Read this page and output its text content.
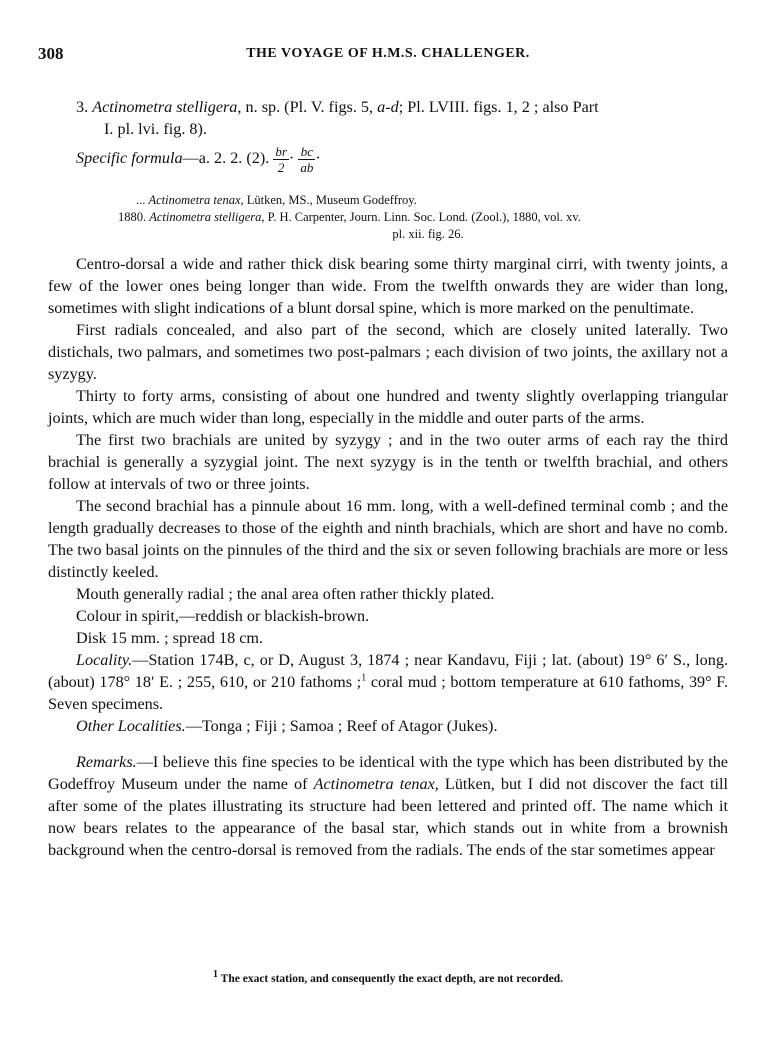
308	THE VOYAGE OF H.M.S. CHALLENGER.

3. Actinometra stelligera, n. sp. (Pl. V. figs. 5, a-d; Pl. LVIII. figs. 1, 2 ; also Part

I. pl. lvi. fig. 8).

Specific formula—a. 2. 2. (2). $\frac{br}{2} \cdot \frac{bc}{ab}$ ·
... Actinometra tenax, Lütken, MS., Museum Godeffroy.
1880. Actinometra stelligera, P. H. Carpenter, Journ. Linn. Soc. Lond. (Zool.), 1880, vol. xv.
pl. xii. fig. 26.

Centro-dorsal a wide and rather thick disk bearing some thirty marginal cirri, with twenty joints, a few of the lower ones being longer than wide. From the twelfth onwards they are wider than long, sometimes with slight indications of a blunt dorsal spine, which is more marked on the penultimate.

First radials concealed, and also part of the second, which are closely united laterally. Two distichals, two palmars, and sometimes two post-palmars ; each division of two joints, the axillary not a syzygy.

Thirty to forty arms, consisting of about one hundred and twenty slightly overlapping triangular joints, which are much wider than long, especially in the middle and outer parts of the arms.

The first two brachials are united by syzygy ; and in the two outer arms of each ray the third brachial is generally a syzygial joint. The next syzygy is in the tenth or twelfth brachial, and others follow at intervals of two or three joints.

The second brachial has a pinnule about 16 mm. long, with a well-defined terminal comb ; and the length gradually decreases to those of the eighth and ninth brachials, which are short and have no comb. The two basal joints on the pinnules of the third and the six or seven following brachials are more or less distinctly keeled.

Mouth generally radial ; the anal area often rather thickly plated.

Colour in spirit,—reddish or blackish-brown.

Disk 15 mm. ; spread 18 cm.

Locality.—Station 174B, c, or D, August 3, 1874 ; near Kandavu, Fiji ; lat. (about) 19° 6′ S., long. (about) 178° 18′ E. ; 255, 610, or 210 fathoms ;$^1$ coral mud ; bottom temperature at 610 fathoms, 39° F. Seven specimens.

Other Localities.—Tonga ; Fiji ; Samoa ; Reef of Atagor (Jukes).

Remarks.—I believe this fine species to be identical with the type which has been distributed by the Godeffroy Museum under the name of Actinometra tenax, Lütken, but I did not discover the fact till after some of the plates illustrating its structure had been lettered and printed off. The name which it now bears relates to the appearance of the basal star, which stands out in white from a brownish background when the centro-dorsal is removed from the radials. The ends of the star sometimes appear

$^1$ The exact station, and consequently the exact depth, are not recorded.
